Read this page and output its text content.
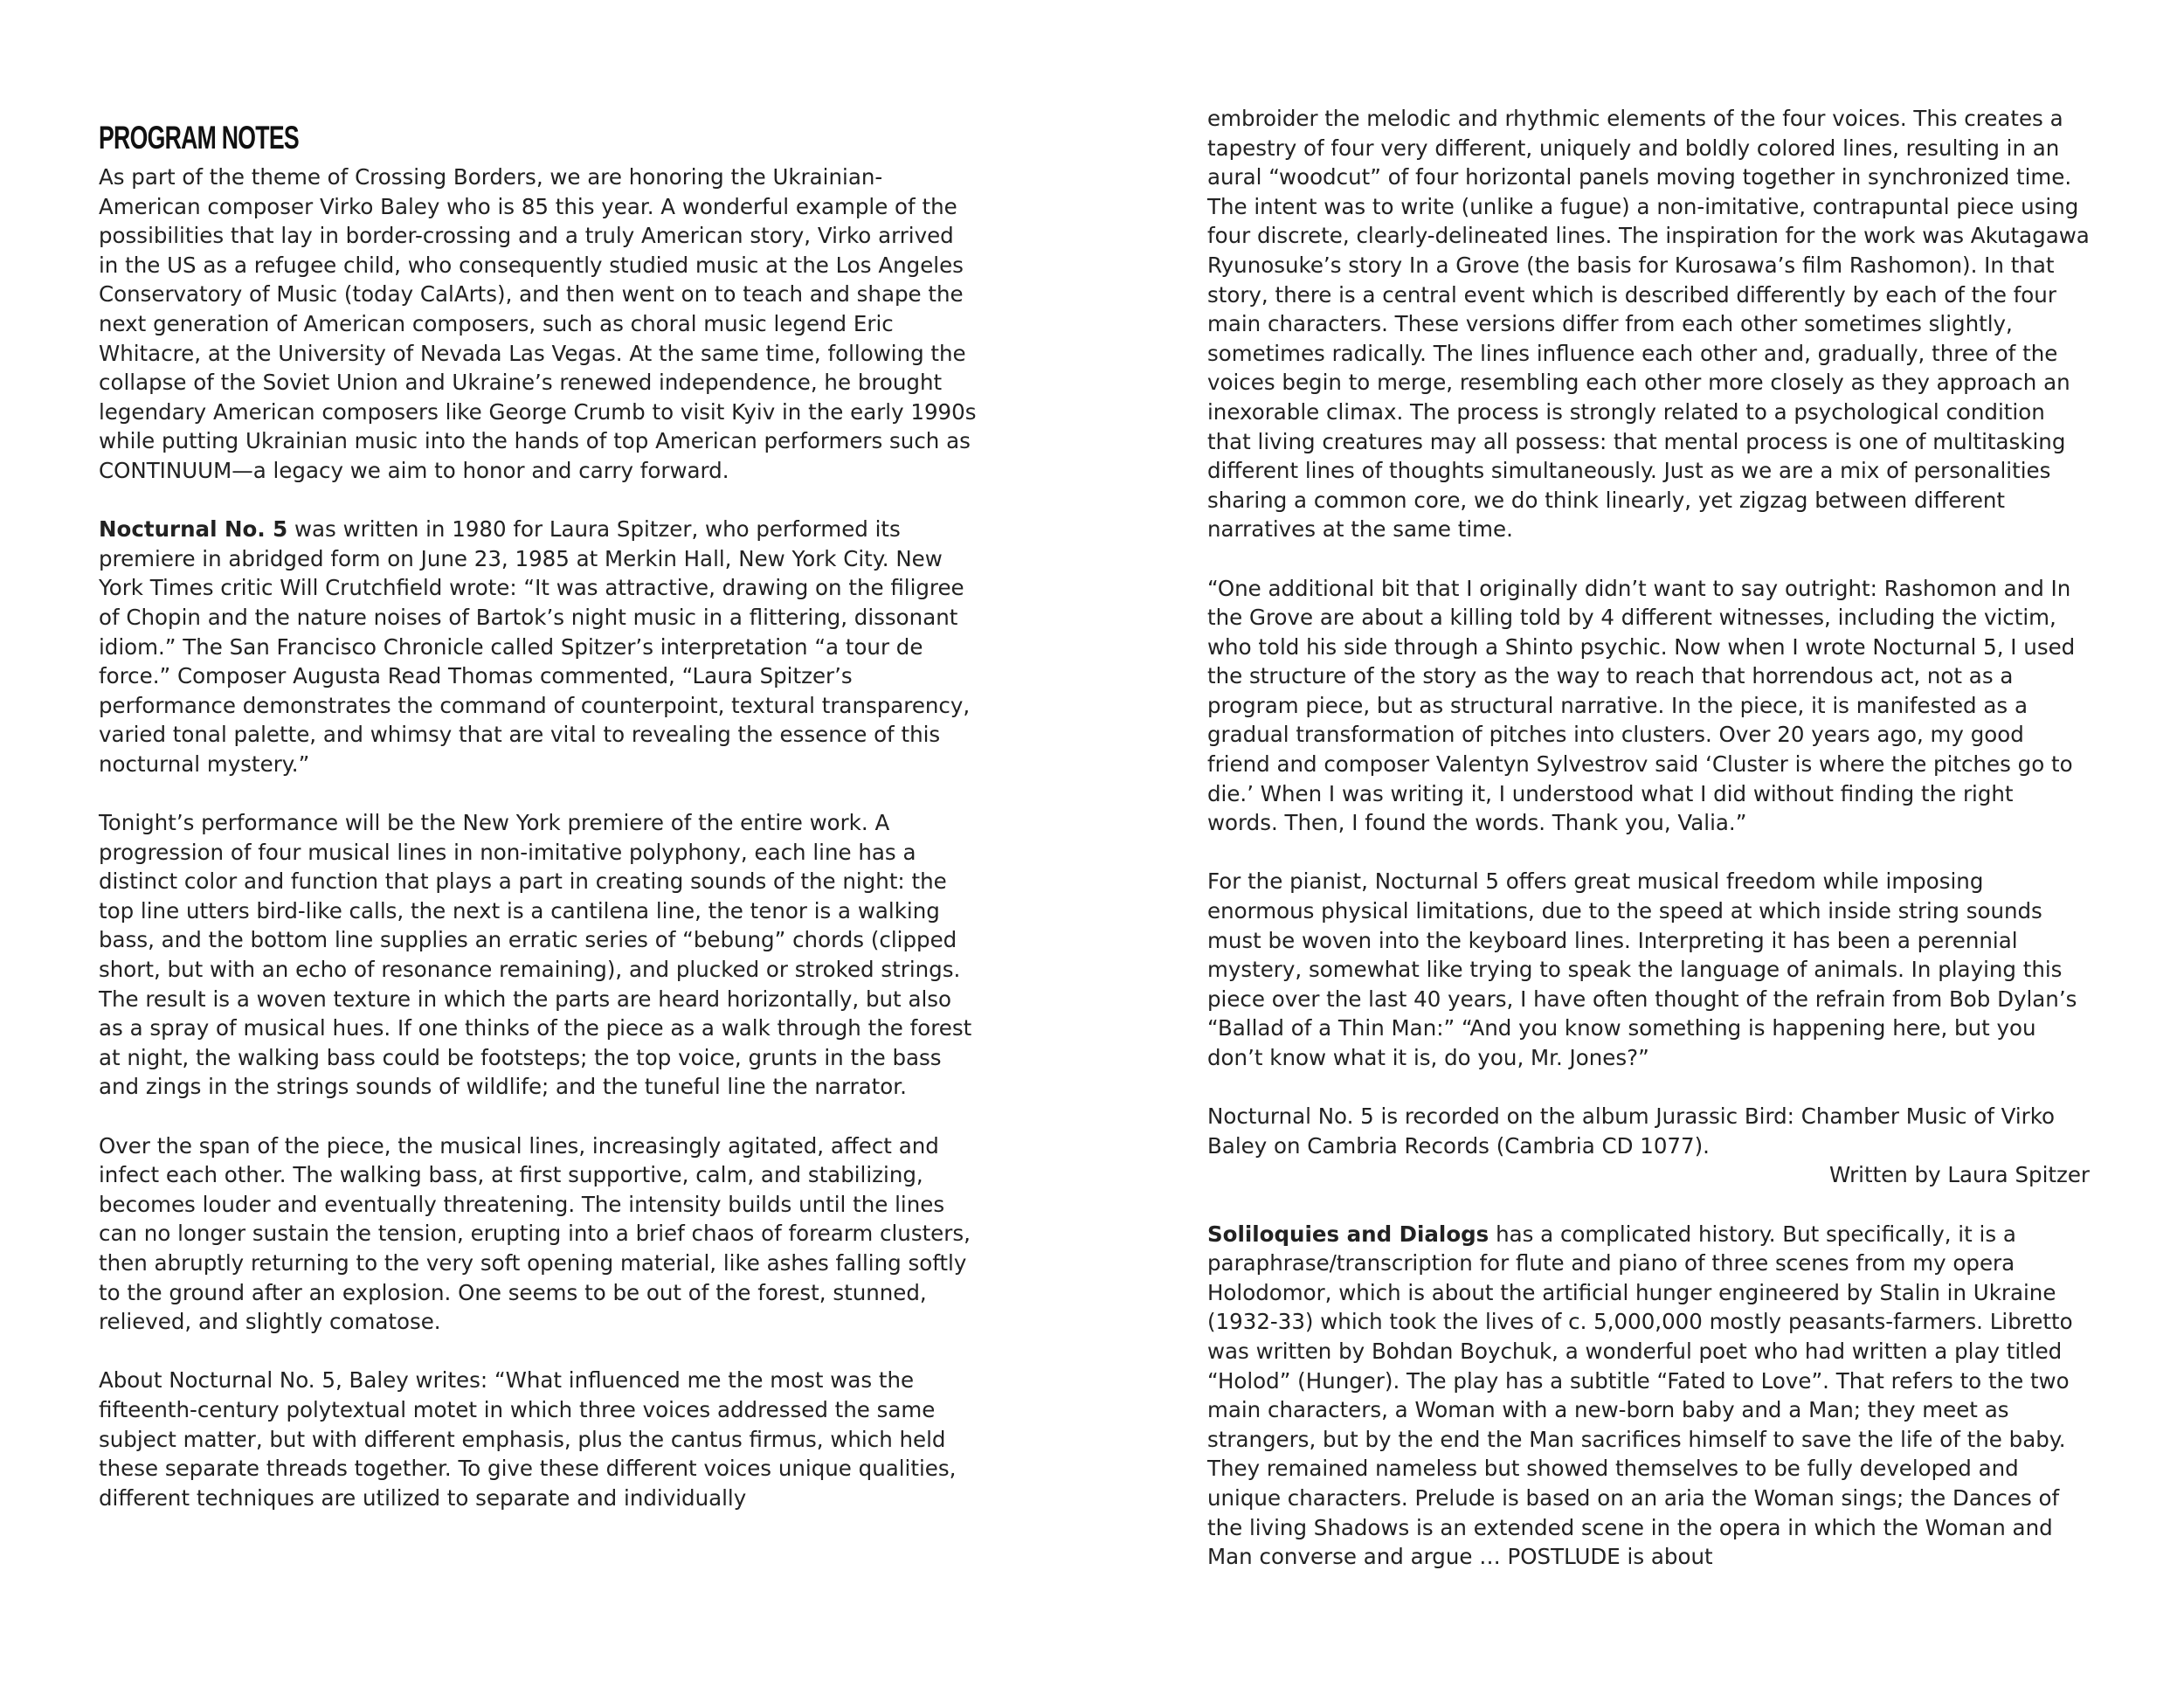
PROGRAM NOTES

As part of the theme of Crossing Borders, we are honoring the Ukrainian-American composer Virko Baley who is 85 this year. A wonderful example of the possibilities that lay in border-crossing and a truly American story, Virko arrived in the US as a refugee child, who consequently studied music at the Los Angeles Conservatory of Music (today CalArts), and then went on to teach and shape the next generation of American composers, such as choral music legend Eric Whitacre, at the University of Nevada Las Vegas. At the same time, following the collapse of the Soviet Union and Ukraine’s renewed independence, he brought legendary American composers like George Crumb to visit Kyiv in the early 1990s while putting Ukrainian music into the hands of top American performers such as CONTINUUM—a legacy we aim to honor and carry forward.

Nocturnal No. 5 was written in 1980 for Laura Spitzer, who performed its premiere in abridged form on June 23, 1985 at Merkin Hall, New York City. New York Times critic Will Crutchfield wrote: “It was attractive, drawing on the filigree of Chopin and the nature noises of Bartok’s night music in a flittering, dissonant idiom.” The San Francisco Chronicle called Spitzer’s interpretation “a tour de force.” Composer Augusta Read Thomas commented, “Laura Spitzer’s performance demonstrates the command of counterpoint, textural transparency, varied tonal palette, and whimsy that are vital to revealing the essence of this nocturnal mystery.”

Tonight’s performance will be the New York premiere of the entire work. A progression of four musical lines in non-imitative polyphony, each line has a distinct color and function that plays a part in creating sounds of the night: the top line utters bird-like calls, the next is a cantilena line, the tenor is a walking bass, and the bottom line supplies an erratic series of “bebung” chords (clipped short, but with an echo of resonance remaining), and plucked or stroked strings. The result is a woven texture in which the parts are heard horizontally, but also as a spray of musical hues. If one thinks of the piece as a walk through the forest at night, the walking bass could be footsteps; the top voice, grunts in the bass and zings in the strings sounds of wildlife; and the tuneful line the narrator.

Over the span of the piece, the musical lines, increasingly agitated, affect and infect each other. The walking bass, at first supportive, calm, and stabilizing, becomes louder and eventually threatening. The intensity builds until the lines can no longer sustain the tension, erupting into a brief chaos of forearm clusters, then abruptly returning to the very soft opening material, like ashes falling softly to the ground after an explosion. One seems to be out of the forest, stunned, relieved, and slightly comatose.

About Nocturnal No. 5, Baley writes: “What influenced me the most was the fifteenth-century polytextual motet in which three voices addressed the same subject matter, but with different emphasis, plus the cantus firmus, which held these separate threads together. To give these different voices unique qualities, different techniques are utilized to separate and individually

embroider the melodic and rhythmic elements of the four voices. This creates a tapestry of four very different, uniquely and boldly colored lines, resulting in an aural “woodcut” of four horizontal panels moving together in synchronized time. The intent was to write (unlike a fugue) a non-imitative, contrapuntal piece using four discrete, clearly-delineated lines. The inspiration for the work was Akutagawa Ryunosuke’s story In a Grove (the basis for Kurosawa’s film Rashomon). In that story, there is a central event which is described differently by each of the four main characters. These versions differ from each other sometimes slightly, sometimes radically. The lines influence each other and, gradually, three of the voices begin to merge, resembling each other more closely as they approach an inexorable climax. The process is strongly related to a psychological condition that living creatures may all possess: that mental process is one of multitasking different lines of thoughts simultaneously. Just as we are a mix of personalities sharing a common core, we do think linearly, yet zigzag between different narratives at the same time.

“One additional bit that I originally didn’t want to say outright: Rashomon and In the Grove are about a killing told by 4 different witnesses, including the victim, who told his side through a Shinto psychic. Now when I wrote Nocturnal 5, I used the structure of the story as the way to reach that horrendous act, not as a program piece, but as structural narrative. In the piece, it is manifested as a gradual transformation of pitches into clusters. Over 20 years ago, my good friend and composer Valentyn Sylvestrov said ‘Cluster is where the pitches go to die.’ When I was writing it, I understood what I did without finding the right words. Then, I found the words. Thank you, Valia.”

For the pianist, Nocturnal 5 offers great musical freedom while imposing enormous physical limitations, due to the speed at which inside string sounds must be woven into the keyboard lines. Interpreting it has been a perennial mystery, somewhat like trying to speak the language of animals. In playing this piece over the last 40 years, I have often thought of the refrain from Bob Dylan’s “Ballad of a Thin Man:” “And you know something is happening here, but you don’t know what it is, do you, Mr. Jones?”

Nocturnal No. 5 is recorded on the album Jurassic Bird: Chamber Music of Virko Baley on Cambria Records (Cambria CD 1077).

Written by Laura Spitzer

Soliloquies and Dialogs has a complicated history. But specifically, it is a paraphrase/transcription for flute and piano of three scenes from my opera Holodomor, which is about the artificial hunger engineered by Stalin in Ukraine (1932-33) which took the lives of c. 5,000,000 mostly peasants-farmers. Libretto was written by Bohdan Boychuk, a wonderful poet who had written a play titled “Holod” (Hunger). The play has a subtitle “Fated to Love”. That refers to the two main characters, a Woman with a new-born baby and a Man; they meet as strangers, but by the end the Man sacrifices himself to save the life of the baby. They remained nameless but showed themselves to be fully developed and unique characters. Prelude is based on an aria the Woman sings; the Dances of the living Shadows is an extended scene in the opera in which the Woman and Man converse and argue … POSTLUDE is about
